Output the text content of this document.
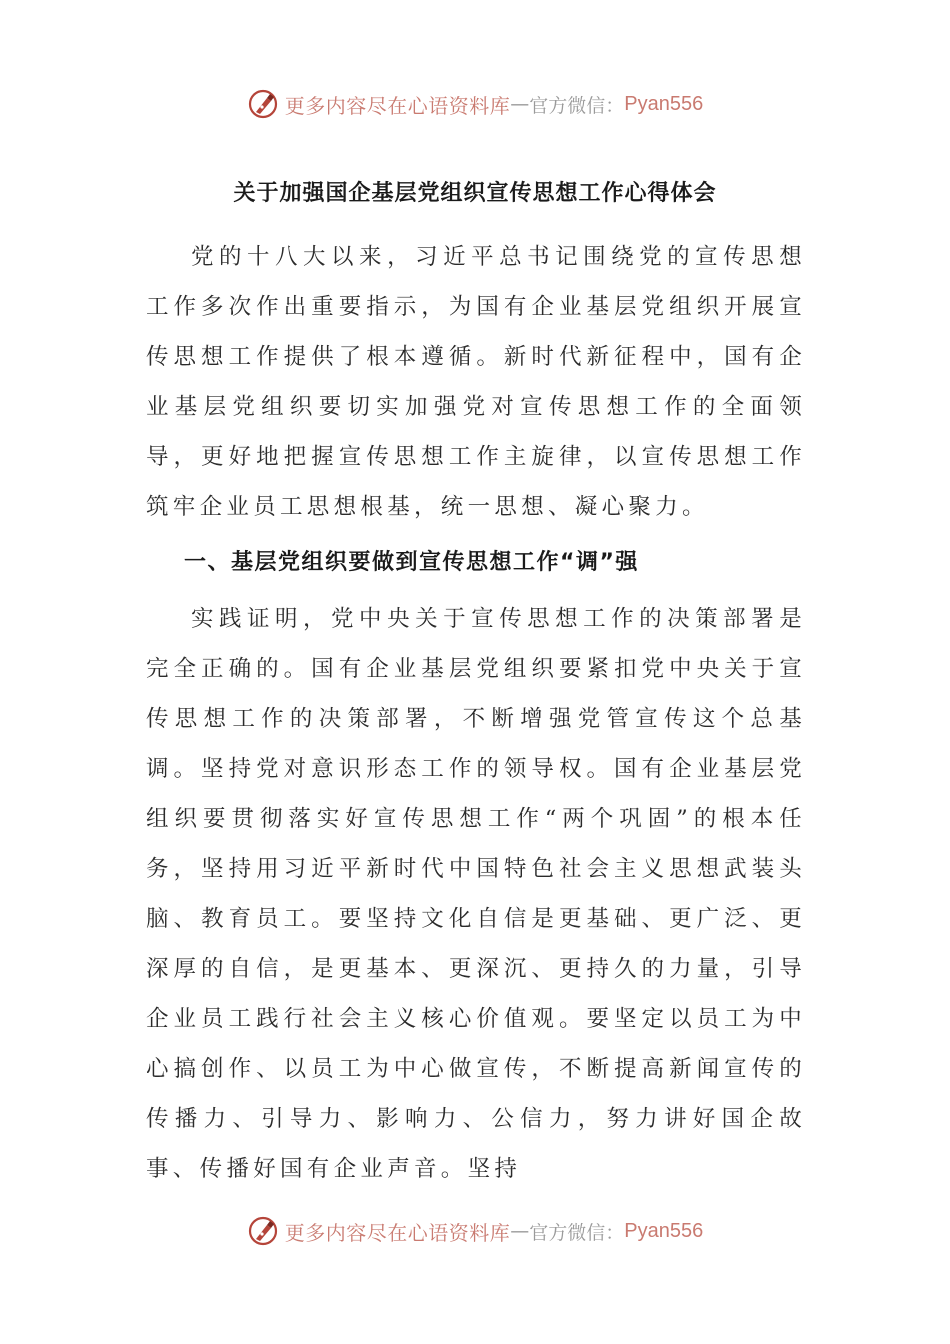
更多内容尽在心语资料库 — 官方微信： Pyan556
关于加强国企基层党组织宣传思想工作心得体会

党的十八大以来，习近平总书记围绕党的宣传思想工作多次作出重要指示，为国有企业基层党组织开展宣传思想工作提供了根本遵循。新时代新征程中，国有企业基层党组织要切实加强党对宣传思想工作的全面领导，更好地把握宣传思想工作主旋律，以宣传思想工作筑牢企业员工思想根基，统一思想、凝心聚力。

一、基层党组织要做到宣传思想工作“调”强

实践证明，党中央关于宣传思想工作的决策部署是完全正确的。国有企业基层党组织要紧扣党中央关于宣传思想工作的决策部署，不断增强党管宣传这个总基调。坚持党对意识形态工作的领导权。国有企业基层党组织要贯彻落实好宣传思想工作“两个巩固”的根本任务，坚持用习近平新时代中国特色社会主义思想武装头脑、教育员工。要坚持文化自信是更基础、更广泛、更深厚的自信，是更基本、更深沉、更持久的力量，引导企业员工践行社会主义核心价值观。要坚定以员工为中心搞创作、以员工为中心做宣传，不断提高新闻宣传的传播力、引导力、影响力、公信力，努力讲好国企故事、传播好国有企业声音。坚持

更多内容尽在心语资料库 — 官方微信： Pyan556
